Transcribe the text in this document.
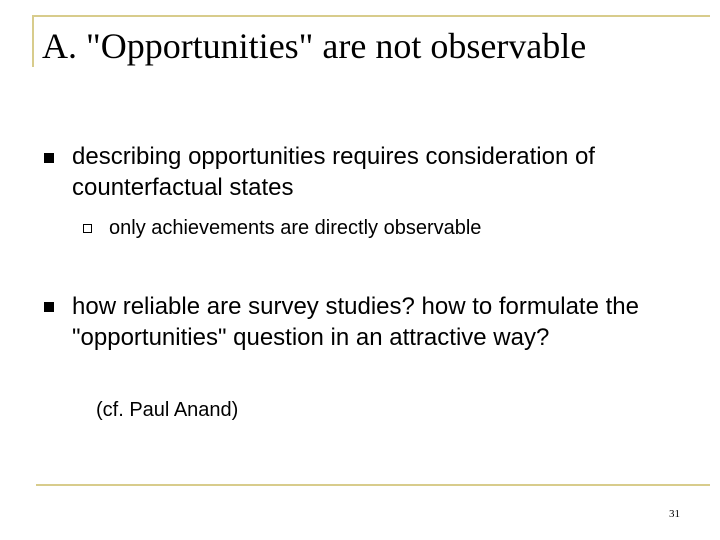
A. "Opportunities" are not observable

describing opportunities requires consideration of counterfactual states

only achievements are directly observable

how reliable are survey studies? how to formulate the "opportunities" question in an attractive way?

(cf. Paul Anand)

31
